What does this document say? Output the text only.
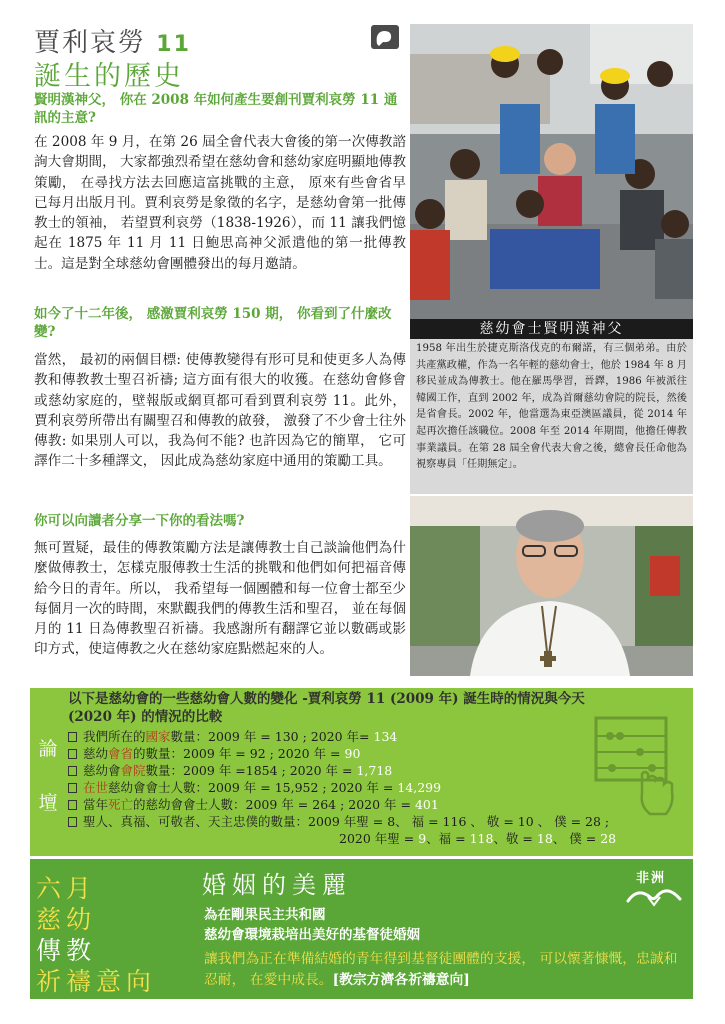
賈利哀勞 11
誕生的歷史
賢明漢神父， 你在 2008 年如何產生要創刊賈利哀勞 11 通訊的主意?
在 2008 年 9 月，在第 26 屆全會代表大會後的第一次傳教諮詢大會期間， 大家都強烈希望在慈幼會和慈幼家庭明顯地傳教策勵， 在尋找方法去回應這富挑戰的主意， 原來有些會省早已每月出版月刊。賈利哀勞是象徵的名字，是慈幼會第一批傳教士的領袖， 若望賈利哀勞（1838-1926），而 11 讓我們憶起在 1875 年 11 月 11 日鮑思高神父派遣他的第一批傳教士。這是對全球慈幼會團體發出的每月邀請。
如今了十二年後， 感激賈利哀勞 150 期， 你看到了什麼改變?
當然， 最初的兩個目標: 使傳教變得有形可見和使更多人為傳教和傳教教士聖召祈禱; 這方面有很大的收獲。在慈幼會修會或慈幼家庭的，壁報版或網頁都可看到賈利哀勞 11。此外， 賈利哀勞所帶出有關聖召和傳教的啟發， 激發了不少會士往外傳教: 如果別人可以，我為何不能? 也許因為它的簡單， 它可譯作二十多種譯文， 因此成為慈幼家庭中通用的策勵工具。
你可以向讀者分享一下你的看法嗎?
無可置疑，最佳的傳教策勵方法是讓傳教士自己談論他們為什麼做傳教士，怎樣克服傳教士生活的挑戰和他們如何把福音傳給今日的青年。所以， 我希望每一個團體和每一位會士都至少每個月一次的時間，來默觀我們的傳教生活和聖召， 並在每個月的 11 日為傳教聖召祈禱。我感謝所有翻譯它並以數碼或影印方式，使這傳教之火在慈幼家庭點燃起來的人。
慈幼會士賢明漢神父
1958 年出生於捷克斯洛伐克的布爾諾，有三個弟弟。由於共產黨政權，作為一名年輕的慈幼會士，他於 1984 年 8 月移民並成為傳教士。他在羅馬學習，晉鐸，1986 年被派往韓國工作，直到 2002 年，成為首爾慈幼會院的院長，然後是省會長。2002 年，他當選為東亞澳區議員，從 2014 年起再次擔任該職位。2008 年至 2014 年期間，他擔任傳教事業議員。在第 28 屆全會代表大會之後，總會長任命他為視察專員「任期無定」。
論
壇
以下是慈幼會的一些慈幼會人數的變化 -賈利哀勞 11 (2009 年) 誕生時的情況與今天 (2020 年) 的情況的比較
我們所在的國家數量：2009 年 = 130 ; 2020 年= 134
慈幼會省的數量：2009 年 = 92 ; 2020 年 = 90
慈幼會會院數量：2009 年 =1854 ; 2020 年 = 1,718
在世慈幼會會士人數：2009 年 = 15,952 ; 2020 年 = 14,299
當年死亡的慈幼會會士人數：2009 年 = 264 ; 2020 年 = 401
聖人、真福、可敬者、天主忠僕的數量：2009 年聖 = 8、 福 = 116 、 敬 = 10 、 僕 = 28 ;
2020 年聖 = 9、福 = 118、敬 = 18、 僕 = 28
六月
慈幼
傳教
祈禱意向
婚姻的美麗
為在剛果民主共和國
慈幼會環境栽培出美好的基督徒婚姻
讓我們為正在準備結婚的青年得到基督徒團體的支援， 可以懷著慷慨，忠誠和忍耐， 在愛中成長。[教宗方濟各祈禱意向]
非洲
